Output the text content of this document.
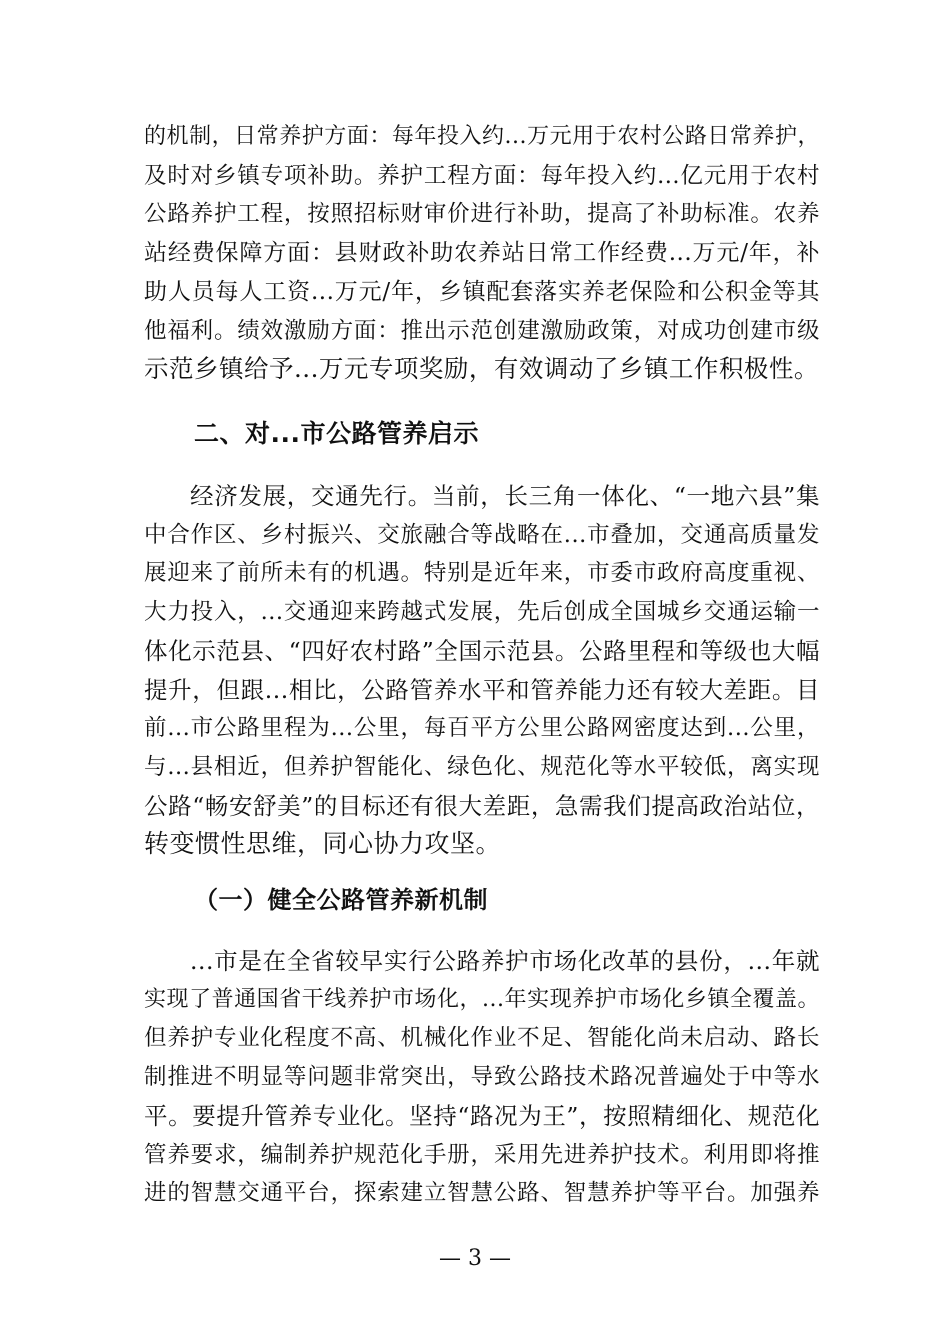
的机制，日常养护方面：每年投入约...万元用于农村公路日常养护，
及时对乡镇专项补助。养护工程方面：每年投入约...亿元用于农村
公路养护工程，按照招标财审价进行补助，提高了补助标准。农养
站经费保障方面：县财政补助农养站日常工作经费...万元/年，补
助人员每人工资...万元/年，乡镇配套落实养老保险和公积金等其
他福利。绩效激励方面：推出示范创建激励政策，对成功创建市级
示范乡镇给予...万元专项奖励，有效调动了乡镇工作积极性。
二、对...市公路管养启示
经济发展，交通先行。当前，长三角一体化、“一地六县”集
中合作区、乡村振兴、交旅融合等战略在...市叠加，交通高质量发
展迎来了前所未有的机遇。特别是近年来，市委市政府高度重视、
大力投入，...交通迎来跨越式发展，先后创成全国城乡交通运输一
体化示范县、“四好农村路”全国示范县。公路里程和等级也大幅
提升，但跟...相比，公路管养水平和管养能力还有较大差距。目
前...市公路里程为...公里，每百平方公里公路网密度达到...公里，
与...县相近，但养护智能化、绿色化、规范化等水平较低，离实现
公路“畅安舒美”的目标还有很大差距，急需我们提高政治站位，
转变惯性思维，同心协力攻坚。
（一）健全公路管养新机制
...市是在全省较早实行公路养护市场化改革的县份，...年就
实现了普通国省干线养护市场化，...年实现养护市场化乡镇全覆盖。
但养护专业化程度不高、机械化作业不足、智能化尚未启动、路长
制推进不明显等问题非常突出，导致公路技术路况普遍处于中等水
平。要提升管养专业化。坚持“路况为王”，按照精细化、规范化
管养要求，编制养护规范化手册，采用先进养护技术。利用即将推
进的智慧交通平台，探索建立智慧公路、智慧养护等平台。加强养
— 3 —
